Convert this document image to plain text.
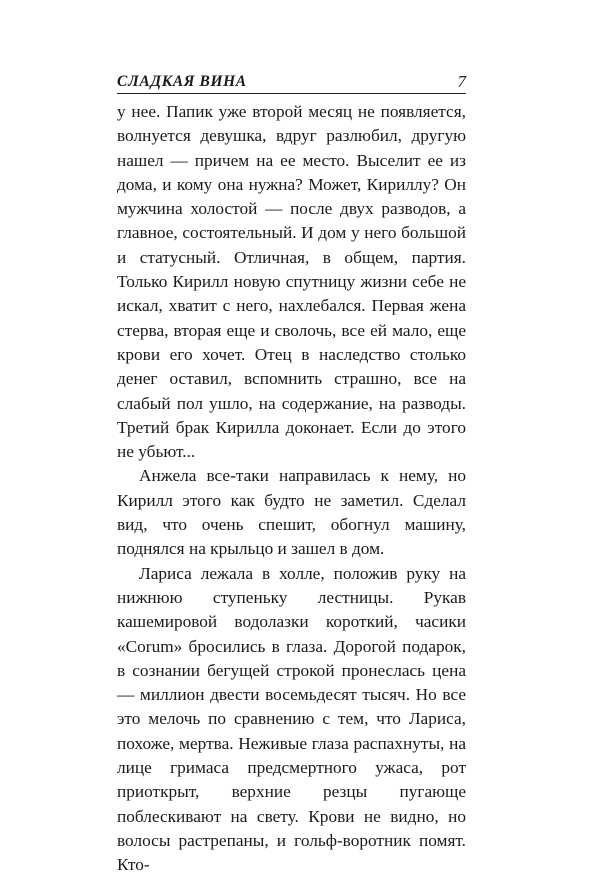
СЛАДКАЯ ВИНА	7

у нее. Папик уже второй месяц не появляется, волнуется девушка, вдруг разлюбил, другую нашел — причем на ее место. Выселит ее из дома, и кому она нужна? Может, Кириллу? Он мужчина холостой — после двух разводов, а главное, состоятельный. И дом у него большой и статусный. Отличная, в общем, партия. Только Кирилл новую спутницу жизни себе не искал, хватит с него, нахлебался. Первая жена стерва, вторая еще и сволочь, все ей мало, еще крови его хочет. Отец в наследство столько денег оставил, вспомнить страшно, все на слабый пол ушло, на содержание, на разводы. Третий брак Кирилла доконает. Если до этого не убьют...

Анжела все-таки направилась к нему, но Кирилл этого как будто не заметил. Сделал вид, что очень спешит, обогнул машину, поднялся на крыльцо и зашел в дом.

Лариса лежала в холле, положив руку на нижнюю ступеньку лестницы. Рукав кашемировой водолазки короткий, часики «Corum» бросились в глаза. Дорогой подарок, в сознании бегущей строкой пронеслась цена — миллион двести восемьдесят тысяч. Но все это мелочь по сравнению с тем, что Лариса, похоже, мертва. Неживые глаза распахнуты, на лице гримаса предсмертного ужаса, рот приоткрыт, верхние резцы пугающе поблескивают на свету. Крови не видно, но волосы растрепаны, и гольф-воротник помят. Кто-
